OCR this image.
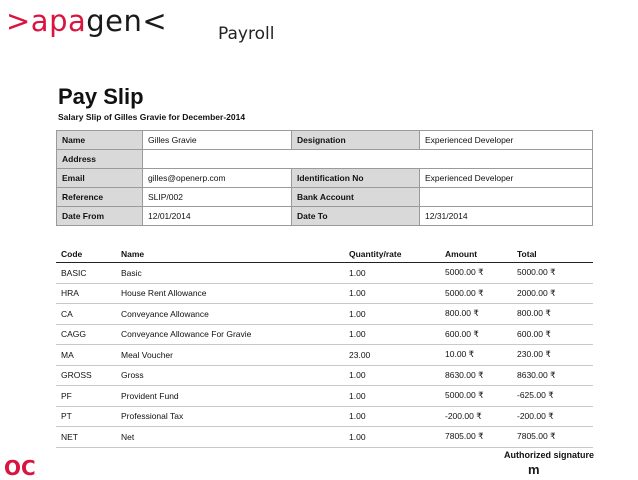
>apagen<	Payroll
Pay Slip
Salary Slip of Gilles Gravie for December-2014
Name	Gilles Gravie	Designation	Experienced Developer
Address			
Email	gilles@openerp.com	Identification No	Experienced Developer
Reference	SLIP/002	Bank Account	
Date From	12/01/2014	Date To	12/31/2014
Code	Name	Quantity/rate	Amount	Total
BASIC	Basic	1.00	5000.00 ₹	5000.00 ₹
HRA	House Rent Allowance	1.00	5000.00 ₹	2000.00 ₹
CA	Conveyance Allowance	1.00	800.00 ₹	800.00 ₹
CAGG	Conveyance Allowance For Gravie	1.00	600.00 ₹	600.00 ₹
MA	Meal Voucher	23.00	10.00 ₹	230.00 ₹
GROSS	Gross	1.00	8630.00 ₹	8630.00 ₹
PF	Provident Fund	1.00	5000.00 ₹	-625.00 ₹
PT	Professional Tax	1.00	-200.00 ₹	-200.00 ₹
NET	Net	1.00	7805.00 ₹	7805.00 ₹
Authorized signature
OC	m
